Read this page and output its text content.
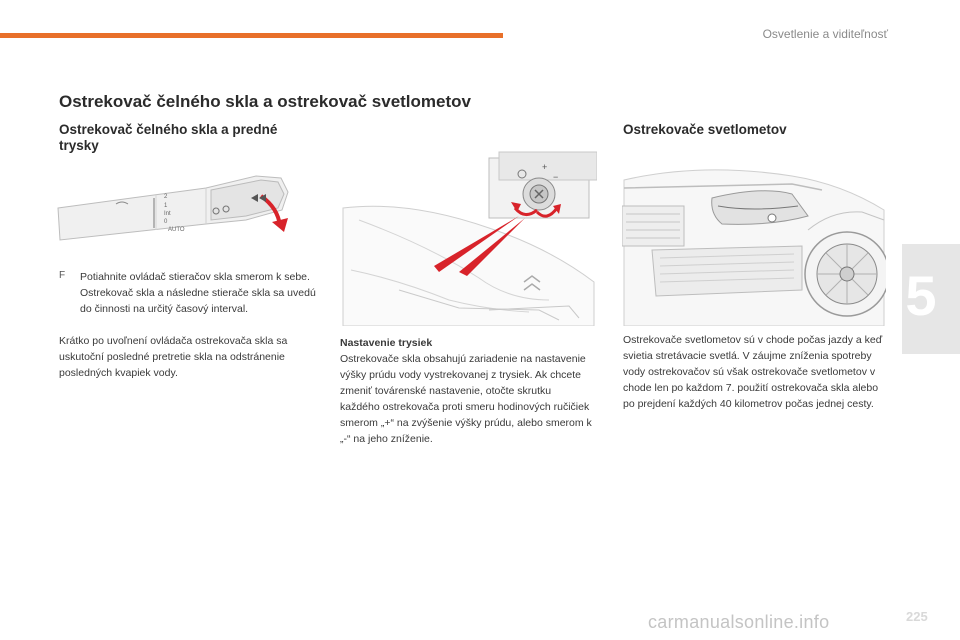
Osvetlenie a viditeľnosť
5
Ostrekovač čelného skla a ostrekovač svetlometov
Ostrekovač čelného skla a predné trysky
2
1
Int
0
AUTO
F Potiahnite ovládač stieračov skla smerom k sebe. Ostrekovač skla a následne stierače skla sa uvedú do činnosti na určitý časový interval.
Krátko po uvoľnení ovládača ostrekovača skla sa uskutoční posledné pretretie skla na odstránenie posledných kvapiek vody.
+
−
Nastavenie trysiek
Ostrekovače skla obsahujú zariadenie na nastavenie výšky prúdu vody vystrekovanej z trysiek. Ak chcete zmeniť továrenské nastavenie, otočte skrutku každého ostrekovača proti smeru hodinových ručičiek smerom „+“ na zvýšenie výšky prúdu, alebo smerom k „-“ na jeho zníženie.
Ostrekovače svetlometov
Ostrekovače svetlometov sú v chode počas jazdy a keď svietia stretávacie svetlá. V záujme zníženia spotreby vody ostrekovačov sú však ostrekovače svetlometov v chode len po každom 7. použití ostrekovača skla alebo po prejdení každých 40 kilometrov počas jednej cesty.
225
carmanualsonline.info
